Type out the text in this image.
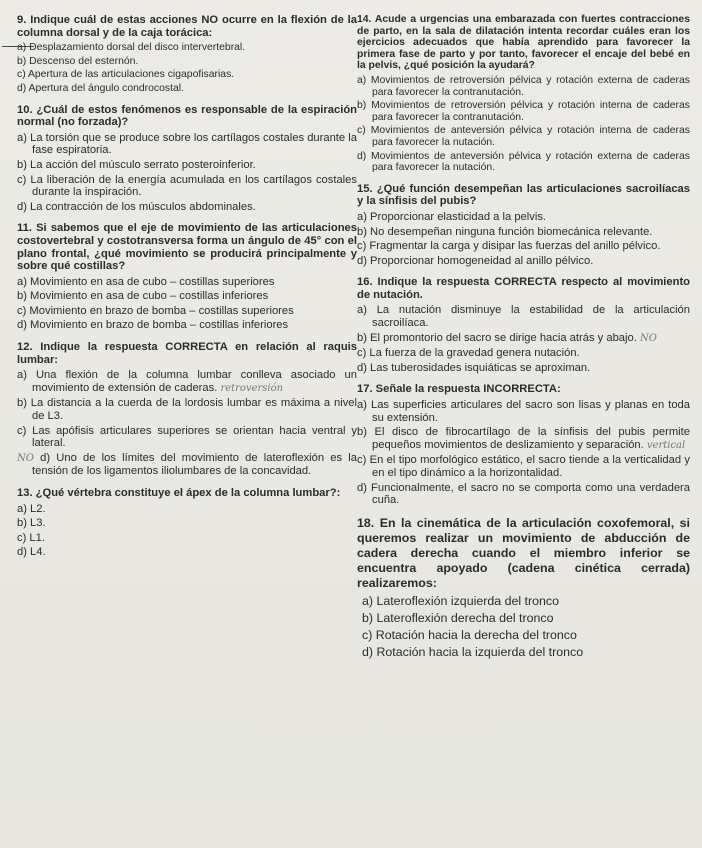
9. Indique cuál de estas acciones NO ocurre en la flexión de la columna dorsal y de la caja torácica:
a) Desplazamiento dorsal del disco intervertebral.
b) Descenso del esternón.
c) Apertura de las articulaciones cigapofisarias.
d) Apertura del ángulo condrocostal.
10. ¿Cuál de estos fenómenos es responsable de la espiración normal (no forzada)?
a) La torsión que se produce sobre los cartílagos costales durante la fase espiratoria.
b) La acción del músculo serrato posteroinferior.
c) La liberación de la energía acumulada en los cartílagos costales durante la inspiración.
d) La contracción de los músculos abdominales.
11. Si sabemos que el eje de movimiento de las articulaciones costovertebral y costotransversa forma un ángulo de 45° con el plano frontal, ¿qué movimiento se producirá principalmente y sobre qué costillas?
a) Movimiento en asa de cubo – costillas superiores
b) Movimiento en asa de cubo – costillas inferiores
c) Movimiento en brazo de bomba – costillas superiores
d) Movimiento en brazo de bomba – costillas inferiores
12. Indique la respuesta CORRECTA en relación al raquis lumbar:
a) Una flexión de la columna lumbar conlleva asociado un movimiento de extensión de caderas. retroversión
b) La distancia a la cuerda de la lordosis lumbar es máxima a nivel de L3.
c) Las apófisis articulares superiores se orientan hacia ventral y lateral.
NO d) Uno de los límites del movimiento de lateroflexión es la tensión de los ligamentos iliolumbares de la concavidad.
13. ¿Qué vértebra constituye el ápex de la columna lumbar?:
a) L2.
b) L3.
c) L1.
d) L4.
14. Acude a urgencias una embarazada con fuertes contracciones de parto, en la sala de dilatación intenta recordar cuáles eran los ejercicios adecuados que había aprendido para favorecer la primera fase de parto y por tanto, favorecer el encaje del bebé en la pelvis, ¿qué posición la ayudará?
a) Movimientos de retroversión pélvica y rotación externa de caderas para favorecer la contranutación.
b) Movimientos de retroversión pélvica y rotación interna de caderas para favorecer la contranutación.
c) Movimientos de anteversión pélvica y rotación interna de caderas para favorecer la nutación.
d) Movimientos de anteversión pélvica y rotación externa de caderas para favorecer la nutación.
15. ¿Qué función desempeñan las articulaciones sacroilíacas y la sínfisis del pubis?
a) Proporcionar elasticidad a la pelvis.
b) No desempeñan ninguna función biomecánica relevante.
c) Fragmentar la carga y disipar las fuerzas del anillo pélvico.
d) Proporcionar homogeneidad al anillo pélvico.
16. Indique la respuesta CORRECTA respecto al movimiento de nutación.
a) La nutación disminuye la estabilidad de la articulación sacroilíaca.
b) El promontorio del sacro se dirige hacia atrás y abajo. NO
c) La fuerza de la gravedad genera nutación.
d) Las tuberosidades isquiáticas se aproximan.
17. Señale la respuesta INCORRECTA:
a) Las superficies articulares del sacro son lisas y planas en toda su extensión.
b) El disco de fibrocartílago de la sínfisis del pubis permite pequeños movimientos de deslizamiento y separación. vertical
c) En el tipo morfológico estático, el sacro tiende a la verticalidad y en el tipo dinámico a la horizontalidad.
d) Funcionalmente, el sacro no se comporta como una verdadera cuña.
18. En la cinemática de la articulación coxofemoral, si queremos realizar un movimiento de abducción de cadera derecha cuando el miembro inferior se encuentra apoyado (cadena cinética cerrada) realizaremos:
a) Lateroflexión izquierda del tronco
b) Lateroflexión derecha del tronco
c) Rotación hacia la derecha del tronco
d) Rotación hacia la izquierda del tronco
